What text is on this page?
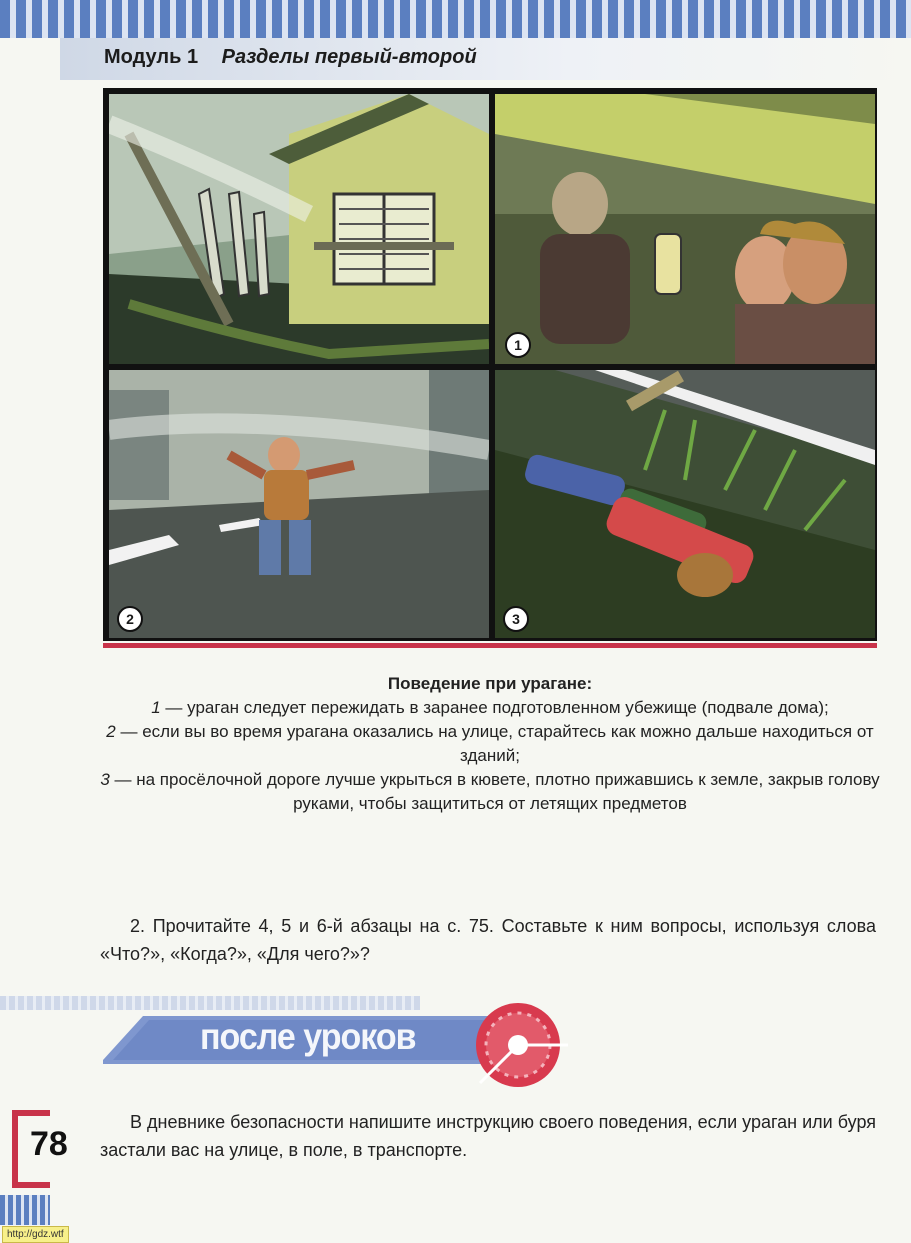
Модуль 1 Разделы первый-второй
1
2	3
Поведение при урагане:
1 — ураган следует пережидать в заранее подготовленном убежище (подвале дома);
2 — если вы во время урагана оказались на улице, старайтесь как можно дальше находиться от зданий;
3 — на просёлочной дороге лучше укрыться в кювете, плотно прижавшись к земле, закрыв голову руками, чтобы защититься от летящих предметов
2. Прочитайте 4, 5 и 6-й абзацы на с. 75. Составьте к ним вопросы, используя слова «Что?», «Когда?», «Для чего?»?
после уроков
В дневнике безопасности напишите инструкцию своего поведения, если ураган или буря застали вас на улице, в поле, в транспорте.
78
http://gdz.wtf
